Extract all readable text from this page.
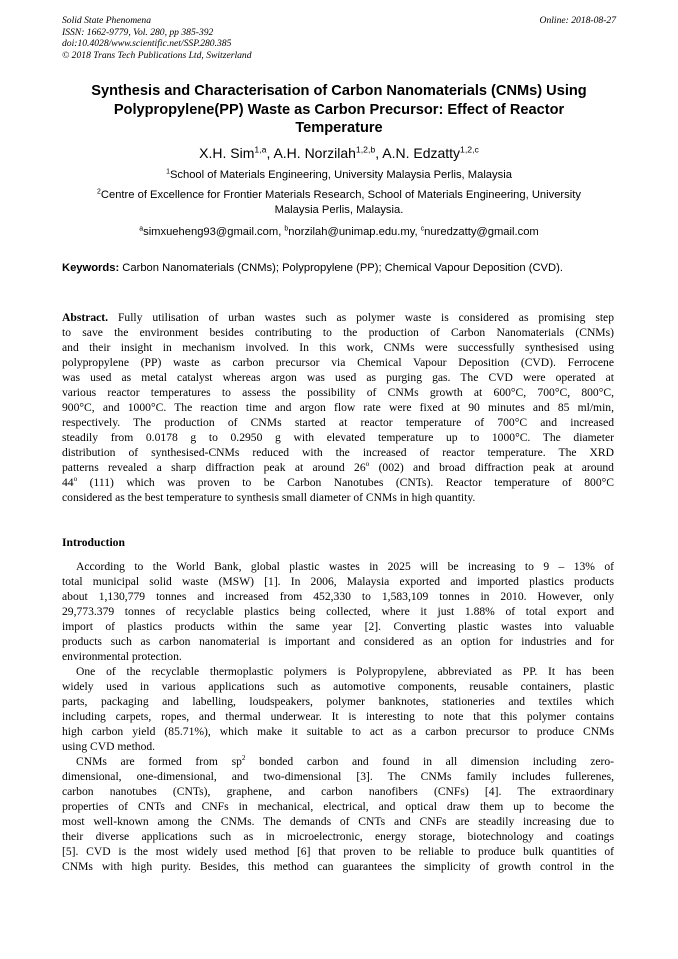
Solid State Phenomena
ISSN: 1662-9779, Vol. 280, pp 385-392
doi:10.4028/www.scientific.net/SSP.280.385
© 2018 Trans Tech Publications Ltd, Switzerland
Online: 2018-08-27
Synthesis and Characterisation of Carbon Nanomaterials (CNMs) Using
Polypropylene(PP) Waste as Carbon Precursor: Effect of Reactor
Temperature
X.H. Sim$^{1,a}$, A.H. Norzilah$^{1,2,b}$, A.N. Edzatty$^{1,2,c}$
$^1$School of Materials Engineering, University Malaysia Perlis, Malaysia
$^2$Centre of Excellence for Frontier Materials Research, School of Materials Engineering, University
Malaysia Perlis, Malaysia.
$^a$simxueheng93@gmail.com, $^b$norzilah@unimap.edu.my, $^c$nuredzatty@gmail.com
Keywords: Carbon Nanomaterials (CNMs); Polypropylene (PP); Chemical Vapour Deposition (CVD).
Abstract. Fully utilisation of urban wastes such as polymer waste is considered as promising step
to save the environment besides contributing to the production of Carbon Nanomaterials (CNMs)
and their insight in mechanism involved. In this work, CNMs were successfully synthesised using
polypropylene (PP) waste as carbon precursor via Chemical Vapour Deposition (CVD). Ferrocene
was used as metal catalyst whereas argon was used as purging gas. The CVD were operated at
various reactor temperatures to assess the possibility of CNMs growth at 600°C, 700°C, 800°C,
900°C, and 1000°C. The reaction time and argon flow rate were fixed at 90 minutes and 85 ml/min,
respectively. The production of CNMs started at reactor temperature of 700°C and increased
steadily from 0.0178 g to 0.2950 g with elevated temperature up to 1000°C. The diameter
distribution of synthesised-CNMs reduced with the increased of reactor temperature. The XRD
patterns revealed a sharp diffraction peak at around 26$^o$ (002) and broad diffraction peak at around
44$^o$ (111) which was proven to be Carbon Nanotubes (CNTs). Reactor temperature of 800°C
considered as the best temperature to synthesis small diameter of CNMs in high quantity.
Introduction
According to the World Bank, global plastic wastes in 2025 will be increasing to 9 – 13% of
total municipal solid waste (MSW) [1]. In 2006, Malaysia exported and imported plastics products
about 1,130,779 tonnes and increased from 452,330 to 1,583,109 tonnes in 2010. However, only
29,773.379 tonnes of recyclable plastics being collected, where it just 1.88% of total export and
import of plastics products within the same year [2]. Converting plastic wastes into valuable
products such as carbon nanomaterial is important and considered as an option for industries and for
environmental protection.
One of the recyclable thermoplastic polymers is Polypropylene, abbreviated as PP. It has been
widely used in various applications such as automotive components, reusable containers, plastic
parts, packaging and labelling, loudspeakers, polymer banknotes, stationeries and textiles which
including carpets, ropes, and thermal underwear. It is interesting to note that this polymer contains
high carbon yield (85.71%), which make it suitable to act as a carbon precursor to produce CNMs
using CVD method.
CNMs are formed from $sp^2$ bonded carbon and found in all dimension including zero-
dimensional, one-dimensional, and two-dimensional [3]. The CNMs family includes fullerenes,
carbon nanotubes (CNTs), graphene, and carbon nanofibers (CNFs) [4]. The extraordinary
properties of CNTs and CNFs in mechanical, electrical, and optical draw them up to become the
most well-known among the CNMs. The demands of CNTs and CNFs are steadily increasing due to
their diverse applications such as in microelectronic, energy storage, biotechnology and coatings
[5]. CVD is the most widely used method [6] that proven to be reliable to produce bulk quantities of
CNMs with high purity. Besides, this method can guarantees the simplicity of growth control in the
